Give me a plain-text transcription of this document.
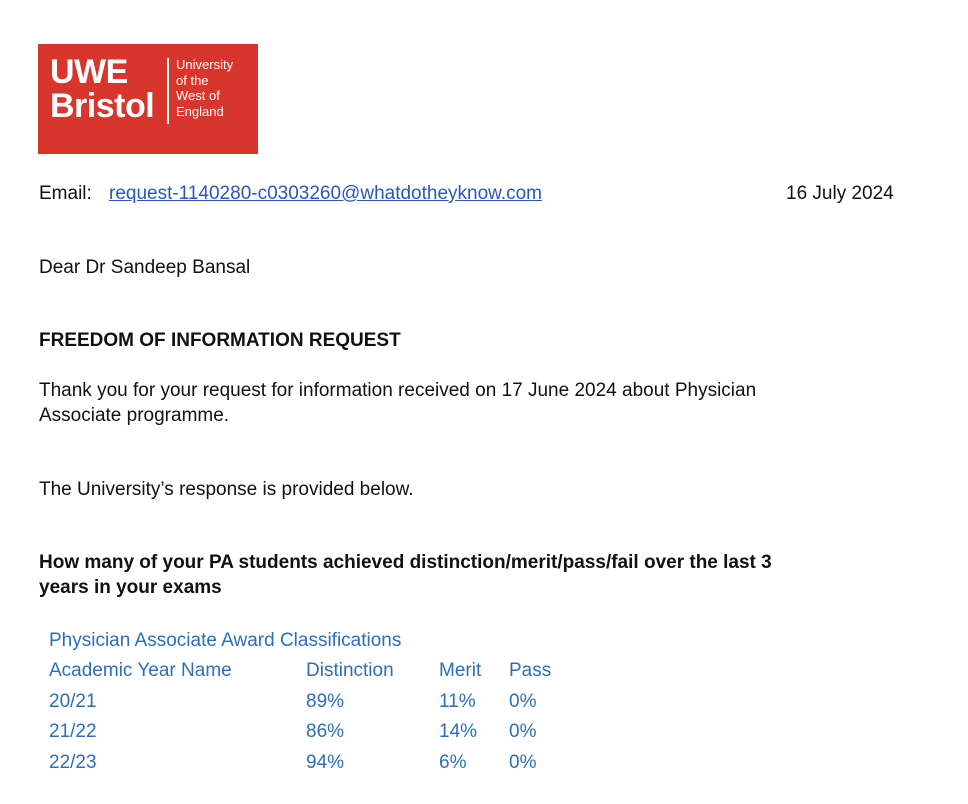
UWE
Bristol
University
of the
West of
England
Email: request-1140280-c0303260@whatdotheyknow.com	16 July 2024
Dear Dr Sandeep Bansal
FREEDOM OF INFORMATION REQUEST
Thank you for your request for information received on 17 June 2024 about Physician
Associate programme.
The University’s response is provided below.
How many of your PA students achieved distinction/merit/pass/fail over the last 3
years in your exams
Physician Associate Award Classifications
Academic Year Name	Distinction Merit Pass
20/21	89%	11% 0%
21/22	86%	14% 0%
22/23	94%	6% 0%
